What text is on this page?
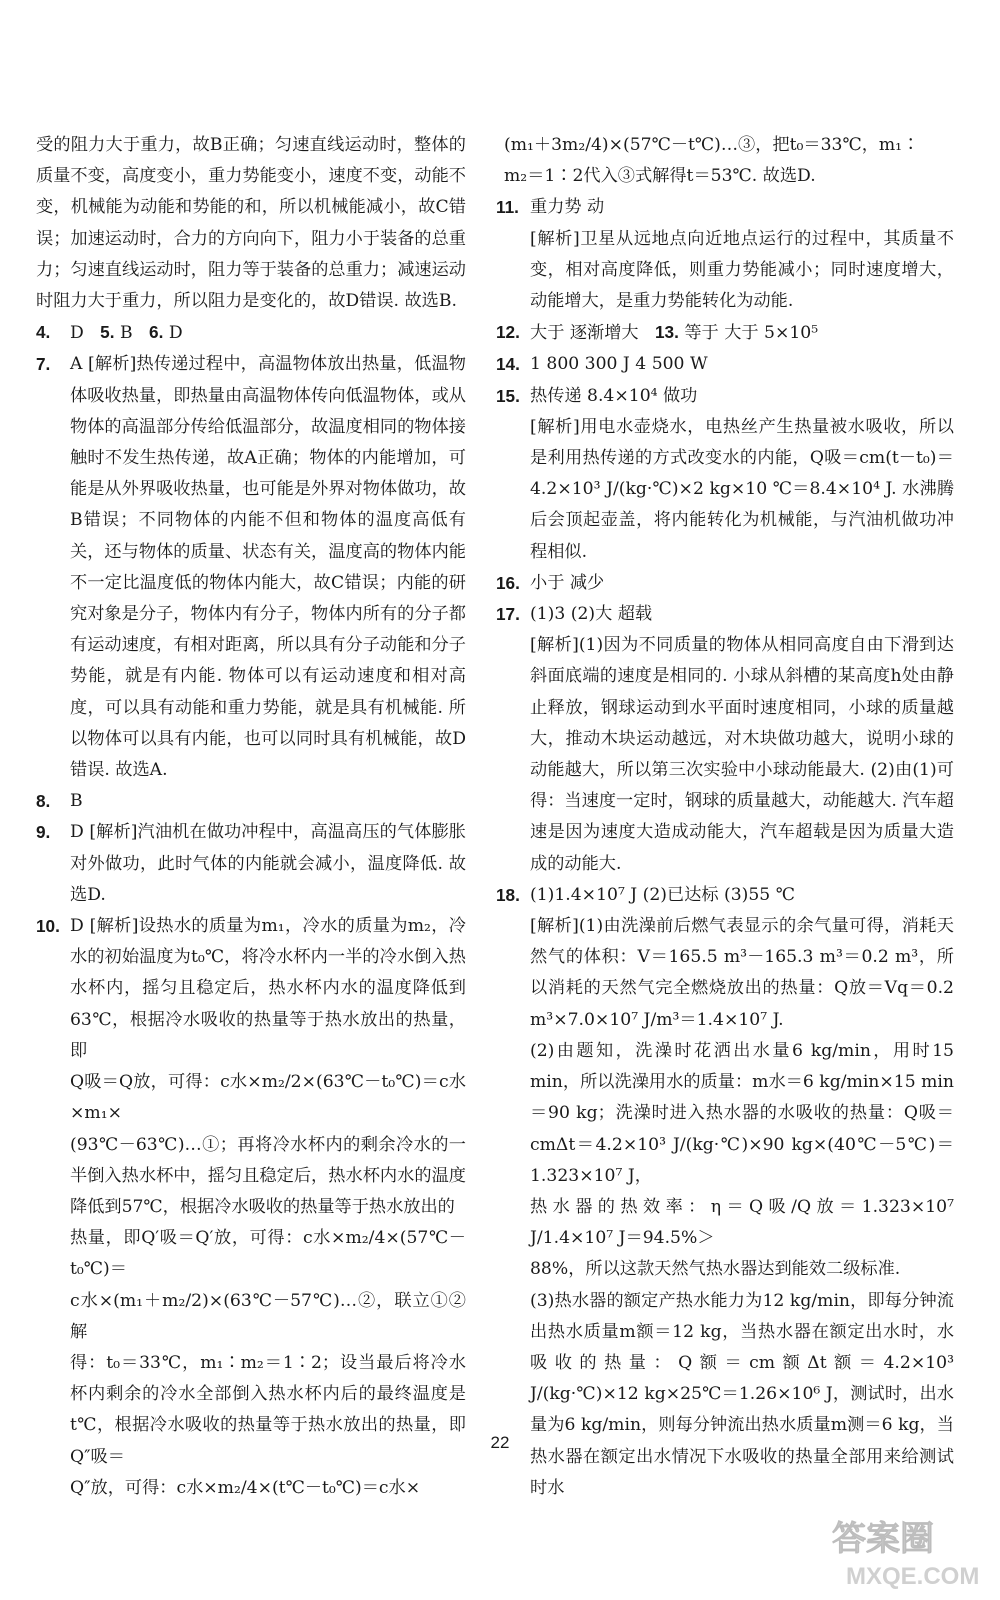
受的阻力大于重力，故B正确；匀速直线运动时，整体的质量不变，高度变小，重力势能变小，速度不变，动能不变，机械能为动能和势能的和，所以机械能减小，故C错误；加速运动时，合力的方向向下，阻力小于装备的总重力；匀速直线运动时，阻力等于装备的总重力；减速运动时阻力大于重力，所以阻力是变化的，故D错误. 故选B.

4. D 5. B 6. D

7. A [解析]热传递过程中，高温物体放出热量，低温物体吸收热量，即热量由高温物体传向低温物体，或从物体的高温部分传给低温部分，故温度相同的物体接触时不发生热传递，故A正确；物体的内能增加，可能是从外界吸收热量，也可能是外界对物体做功，故B错误；不同物体的内能不但和物体的温度高低有关，还与物体的质量、状态有关，温度高的物体内能不一定比温度低的物体内能大，故C错误；内能的研究对象是分子，物体内有分子，物体内所有的分子都有运动速度，有相对距离，所以具有分子动能和分子势能，就是有内能. 物体可以有运动速度和相对高度，可以具有动能和重力势能，就是具有机械能. 所以物体可以具有内能，也可以同时具有机械能，故D错误. 故选A.

8. B

9. D [解析]汽油机在做功冲程中，高温高压的气体膨胀对外做功，此时气体的内能就会减小，温度降低. 故选D.

10. D [解析]设热水的质量为m₁，冷水的质量为m₂，冷水的初始温度为t₀℃，将冷水杯内一半的冷水倒入热水杯内，摇匀且稳定后，热水杯内水的温度降低到63℃，根据冷水吸收的热量等于热水放出的热量，即

Q吸＝Q放，可得：c水×m₂/2×(63℃－t₀℃)＝c水×m₁×

(93℃－63℃)…①；再将冷水杯内的剩余冷水的一半倒入热水杯中，摇匀且稳定后，热水杯内水的温度降低到57℃，根据冷水吸收的热量等于热水放出的

热量，即Q′吸＝Q′放，可得：c水×m₂/4×(57℃－t₀℃)＝

c水×(m₁＋m₂/2)×(63℃－57℃)…②，联立①②解

得：t₀＝33℃，m₁∶m₂＝1∶2；设当最后将冷水杯内剩余的冷水全部倒入热水杯内后的最终温度是t℃，根据冷水吸收的热量等于热水放出的热量，即Q″吸＝

Q″放，可得：c水×m₂/4×(t℃－t₀℃)＝c水×

(m₁＋3m₂/4)×(57℃－t℃)…③，把t₀＝33℃，m₁∶

m₂＝1∶2代入③式解得t＝53℃. 故选D.

11. 重力势 动

[解析]卫星从远地点向近地点运行的过程中，其质量不变，相对高度降低，则重力势能减小；同时速度增大，动能增大，是重力势能转化为动能.

12. 大于 逐渐增大 13. 等于 大于 5×10⁵

14. 1 800 300 J 4 500 W

15. 热传递 8.4×10⁴ 做功

[解析]用电水壶烧水，电热丝产生热量被水吸收，所以是利用热传递的方式改变水的内能，Q吸＝cm(t－t₀)＝4.2×10³ J/(kg·℃)×2 kg×10 ℃＝8.4×10⁴ J. 水沸腾后会顶起壶盖，将内能转化为机械能，与汽油机做功冲程相似.

16. 小于 减少

17. (1)3 (2)大 超载

[解析](1)因为不同质量的物体从相同高度自由下滑到达斜面底端的速度是相同的. 小球从斜槽的某高度h处由静止释放，钢球运动到水平面时速度相同，小球的质量越大，推动木块运动越远，对木块做功越大，说明小球的动能越大，所以第三次实验中小球动能最大. (2)由(1)可得：当速度一定时，钢球的质量越大，动能越大. 汽车超速是因为速度大造成动能大，汽车超载是因为质量大造成的动能大.

18. (1)1.4×10⁷ J (2)已达标 (3)55 ℃

[解析](1)由洗澡前后燃气表显示的余气量可得，消耗天然气的体积：V＝165.5 m³－165.3 m³＝0.2 m³，所以消耗的天然气完全燃烧放出的热量：Q放＝Vq＝0.2 m³×7.0×10⁷ J/m³＝1.4×10⁷ J.

(2)由题知，洗澡时花洒出水量6 kg/min，用时15 min，所以洗澡用水的质量：m水＝6 kg/min×15 min＝90 kg；洗澡时进入热水器的水吸收的热量：Q吸＝cmΔt＝4.2×10³ J/(kg·℃)×90 kg×(40℃－5℃)＝1.323×10⁷ J，

热水器的热效率：η＝Q吸/Q放＝1.323×10⁷ J/1.4×10⁷ J＝94.5%＞

88%，所以这款天然气热水器达到能效二级标准.

(3)热水器的额定产热水能力为12 kg/min，即每分钟流出热水质量m额＝12 kg，当热水器在额定出水时，水吸收的热量：Q额＝cm额Δt额＝4.2×10³ J/(kg·℃)×12 kg×25℃＝1.26×10⁶ J，测试时，出水量为6 kg/min，则每分钟流出热水质量m测＝6 kg，当热水器在额定出水情况下水吸收的热量全部用来给测试时水

22
答案圈
MXQE.COM
